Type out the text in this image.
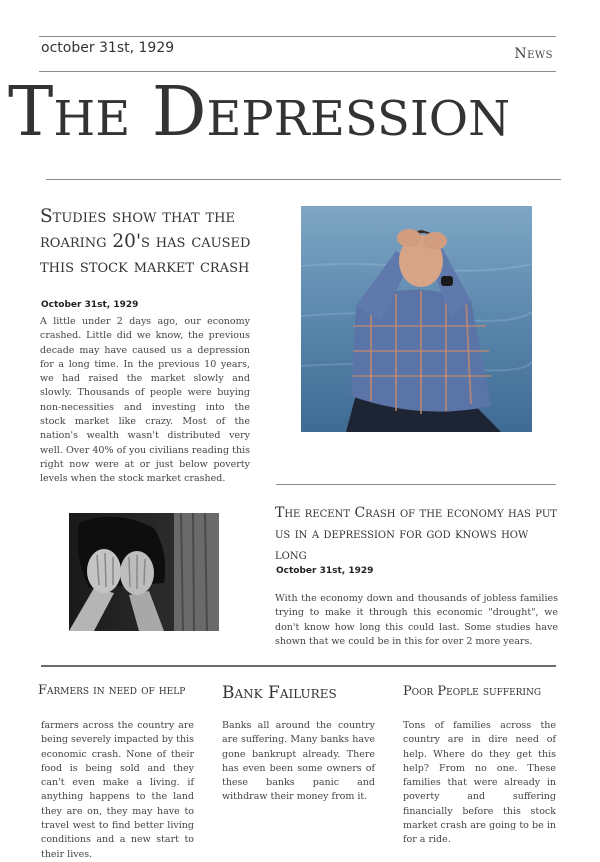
october 31st, 1929	News
The Depression
Studies show that the roaring 20's has caused this stock market crash
October 31st, 1929
A little under 2 days ago, our economy crashed. Little did we know, the previous decade may have caused us a depression for a long time. In the previous 10 years, we had raised the market slowly and slowly. Thousands of people were buying non-necessities and investing into the stock market like crazy. Most of the nation's wealth wasn't distributed very well. Over 40% of you civilians reading this right now were at or just below poverty levels when the stock market crashed.
The recent Crash of the economy has put us in a depression for god knows how long
October 31st, 1929
With the economy down and thousands of jobless families trying to make it through this economic "drought", we don't know how long this could last. Some studies have shown that we could be in this for over 2 more years.
Farmers in need of help
farmers across the country are being severely impacted by this economic crash. None of their food is being sold and they can't even make a living. if anything happens to the land they are on, they may have to travel west to find better living conditions and a new start to their lives.
Bank Failures
Banks all around the country are suffering. Many banks have gone bankrupt already. There has even been some owners of these banks panic and withdraw their money from it.
Poor People suffering
Tons of families across the country are in dire need of help. Where do they get this help? From no one. These families that were already in poverty and suffering financially before this stock market crash are going to be in for a ride.
